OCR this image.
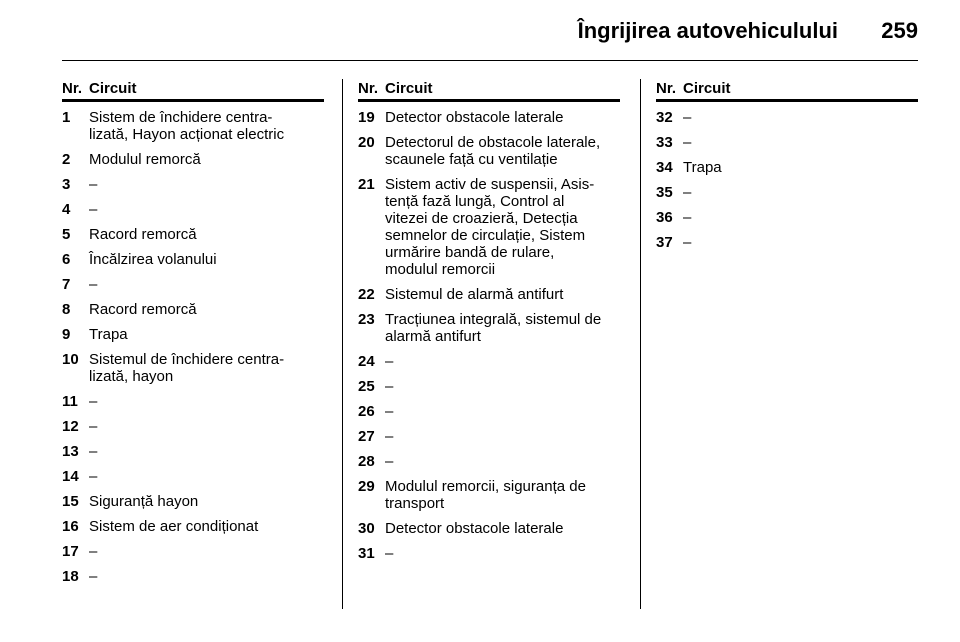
Îngrijirea autovehiculului 259
Nr. Circuit
1	Sistem de închidere centra-
lizată, Hayon acționat electric
2	Modulul remorcă
3	–
4	–
5	Racord remorcă
6	Încălzirea volanului
7	–
8	Racord remorcă
9	Trapa
10 Sistemul de închidere centra-
lizată, hayon
11 –
12 –
13 –
14 –
15 Siguranță hayon
16 Sistem de aer condiționat
17 –
18 –
Nr. Circuit
19 Detector obstacole laterale
20 Detectorul de obstacole laterale,
scaunele față cu ventilație
21 Sistem activ de suspensii, Asis-
tență fază lungă, Control al
vitezei de croazieră, Detecția
semnelor de circulație, Sistem
urmărire bandă de rulare,
modulul remorcii
22 Sistemul de alarmă antifurt
23 Tracțiunea integrală, sistemul de
alarmă antifurt
24 –
25 –
26 –
27 –
28 –
29 Modulul remorcii, siguranța de
transport
30 Detector obstacole laterale
31 –
Nr. Circuit
32 –
33 –
34 Trapa
35 –
36 –
37 –
